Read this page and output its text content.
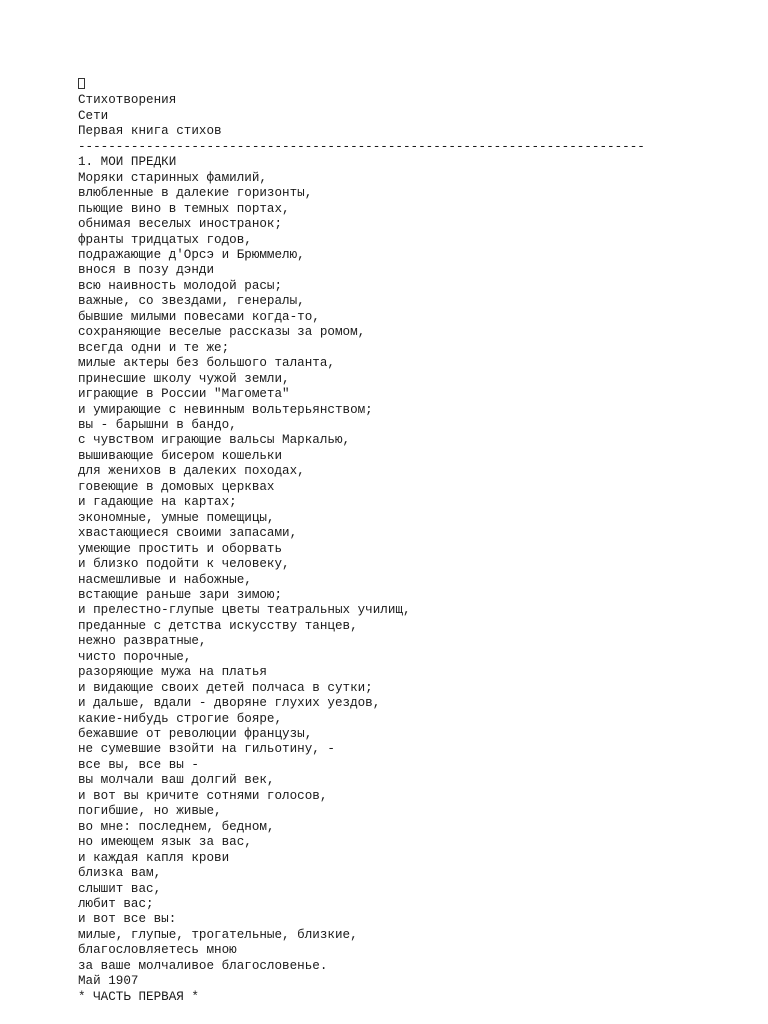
Стихотворения
Сети
Первая книга стихов
---------------------------------------------------------------------------
1. МОИ ПРЕДКИ
Моряки старинных фамилий,
влюбленные в далекие горизонты,
пьющие вино в темных портах,
обнимая веселых иностранок;
франты тридцатых годов,
подражающие д'Орсэ и Брюммелю,
внося в позу дэнди
всю наивность молодой расы;
важные, со звездами, генералы,
бывшие милыми повесами когда-то,
сохраняющие веселые рассказы за ромом,
всегда одни и те же;
милые актеры без большого таланта,
принесшие школу чужой земли,
играющие в России "Магомета"
и умирающие с невинным вольтерьянством;
вы - барышни в бандо,
с чувством играющие вальсы Маркалью,
вышивающие бисером кошельки
для женихов в далеких походах,
говеющие в домовых церквах
и гадающие на картах;
экономные, умные помещицы,
хвастающиеся своими запасами,
умеющие простить и оборвать
и близко подойти к человеку,
насмешливые и набожные,
встающие раньше зари зимою;
и прелестно-глупые цветы театральных училищ,
преданные с детства искусству танцев,
нежно развратные,
чисто порочные,
разоряющие мужа на платья
и видающие своих детей полчаса в сутки;
и дальше, вдали - дворяне глухих уездов,
какие-нибудь строгие бояре,
бежавшие от революции французы,
не сумевшие взойти на гильотину, -
все вы, все вы -
вы молчали ваш долгий век,
и вот вы кричите сотнями голосов,
погибшие, но живые,
во мне: последнем, бедном,
но имеющем язык за вас,
и каждая капля крови
близка вам,
слышит вас,
любит вас;
и вот все вы:
милые, глупые, трогательные, близкие,
благословляетесь мною
за ваше молчаливое благословенье.
Май 1907
* ЧАСТЬ ПЕРВАЯ *
